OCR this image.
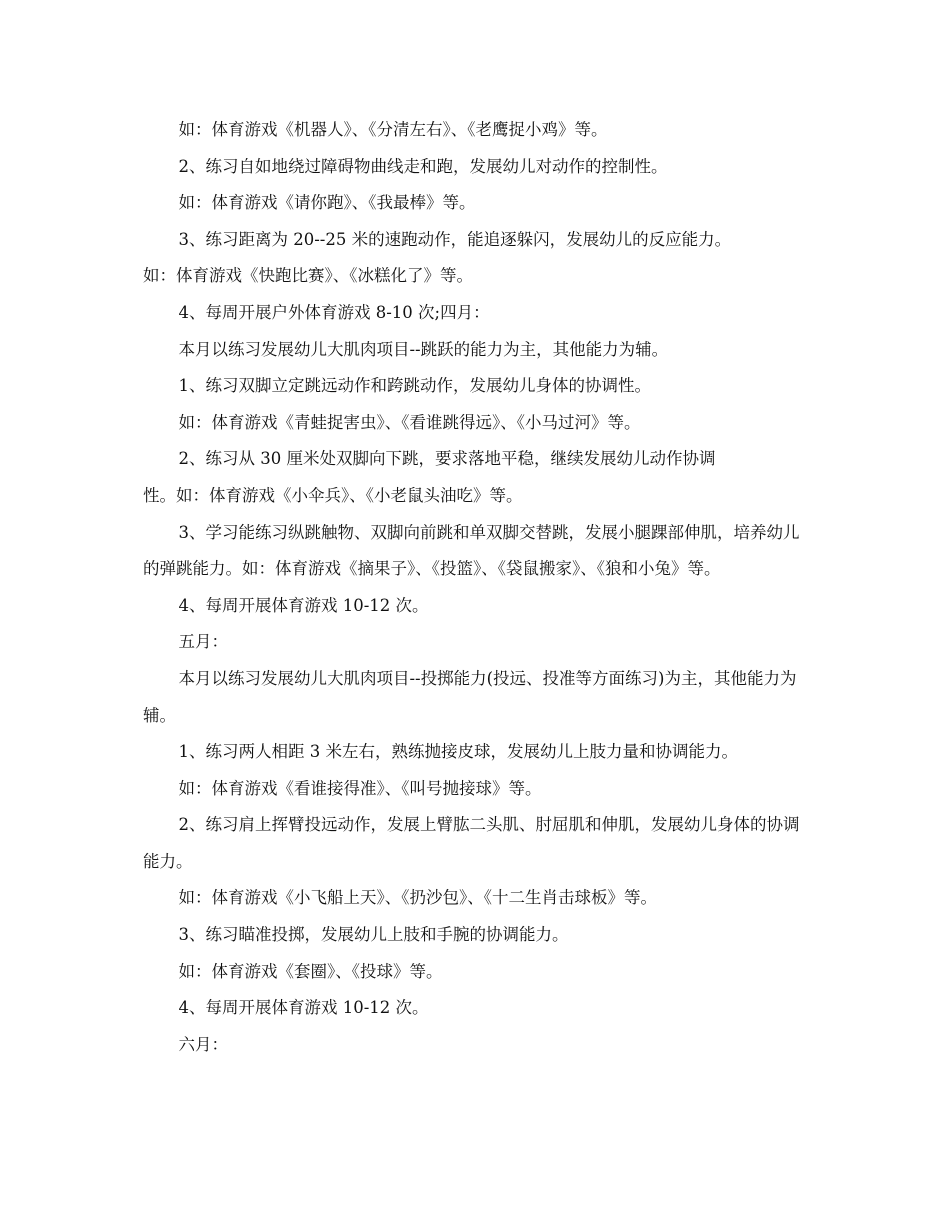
如：体育游戏《机器人》、《分清左右》、《老鹰捉小鸡》等。

2、练习自如地绕过障碍物曲线走和跑，发展幼儿对动作的控制性。

如：体育游戏《请你跑》、《我最棒》等。

3、练习距离为 20--25 米的速跑动作，能追逐躲闪，发展幼儿的反应能力。

如：体育游戏《快跑比赛》、《冰糕化了》等。

4、每周开展户外体育游戏 8-10 次;四月：

本月以练习发展幼儿大肌肉项目--跳跃的能力为主，其他能力为辅。

1、练习双脚立定跳远动作和跨跳动作，发展幼儿身体的协调性。

如：体育游戏《青蛙捉害虫》、《看谁跳得远》、《小马过河》等。

2、练习从 30 厘米处双脚向下跳，要求落地平稳，继续发展幼儿动作协调
性。如：体育游戏《小伞兵》、《小老鼠头油吃》等。

3、学习能练习纵跳触物、双脚向前跳和单双脚交替跳，发展小腿踝部伸肌，培养幼儿的弹跳能力。如：体育游戏《摘果子》、《投篮》、《袋鼠搬家》、《狼和小兔》等。

4、每周开展体育游戏 10-12 次。

五月：

本月以练习发展幼儿大肌肉项目--投掷能力(投远、投准等方面练习)为主，其他能力为辅。

1、练习两人相距 3 米左右，熟练抛接皮球，发展幼儿上肢力量和协调能力。

如：体育游戏《看谁接得准》、《叫号抛接球》等。

2、练习肩上挥臂投远动作，发展上臂肱二头肌、肘屈肌和伸肌，发展幼儿身体的协调能力。

如：体育游戏《小飞船上天》、《扔沙包》、《十二生肖击球板》等。

3、练习瞄准投掷，发展幼儿上肢和手腕的协调能力。

如：体育游戏《套圈》、《投球》等。

4、每周开展体育游戏 10-12 次。

六月：
